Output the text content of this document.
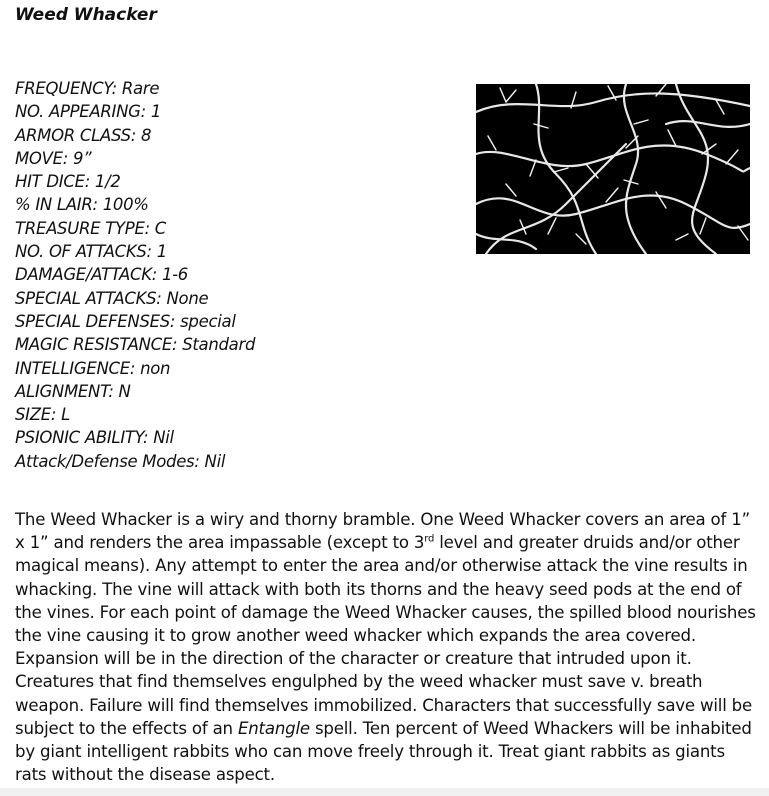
Weed Whacker
FREQUENCY: Rare
NO. APPEARING: 1
ARMOR CLASS: 8
MOVE: 9”
HIT DICE: 1/2
% IN LAIR: 100%
TREASURE TYPE: C
NO. OF ATTACKS: 1
DAMAGE/ATTACK: 1-6
SPECIAL ATTACKS: None
SPECIAL DEFENSES: special
MAGIC RESISTANCE: Standard
INTELLIGENCE: non
ALIGNMENT: N
SIZE: L
PSIONIC ABILITY: Nil
Attack/Defense Modes: Nil

The Weed Whacker is a wiry and thorny bramble. One Weed Whacker covers an area of 1” x 1” and renders the area impassable (except to 3rd level and greater druids and/or other magical means). Any attempt to enter the area and/or otherwise attack the vine results in whacking. The vine will attack with both its thorns and the heavy seed pods at the end of the vines. For each point of damage the Weed Whacker causes, the spilled blood nourishes the vine causing it to grow another weed whacker which expands the area covered. Expansion will be in the direction of the character or creature that intruded upon it. Creatures that find themselves engulphed by the weed whacker must save v. breath weapon. Failure will find themselves immobilized. Characters that successfully save will be subject to the effects of an Entangle spell. Ten percent of Weed Whackers will be inhabited by giant intelligent rabbits who can move freely through it. Treat giant rabbits as giants rats without the disease aspect.
